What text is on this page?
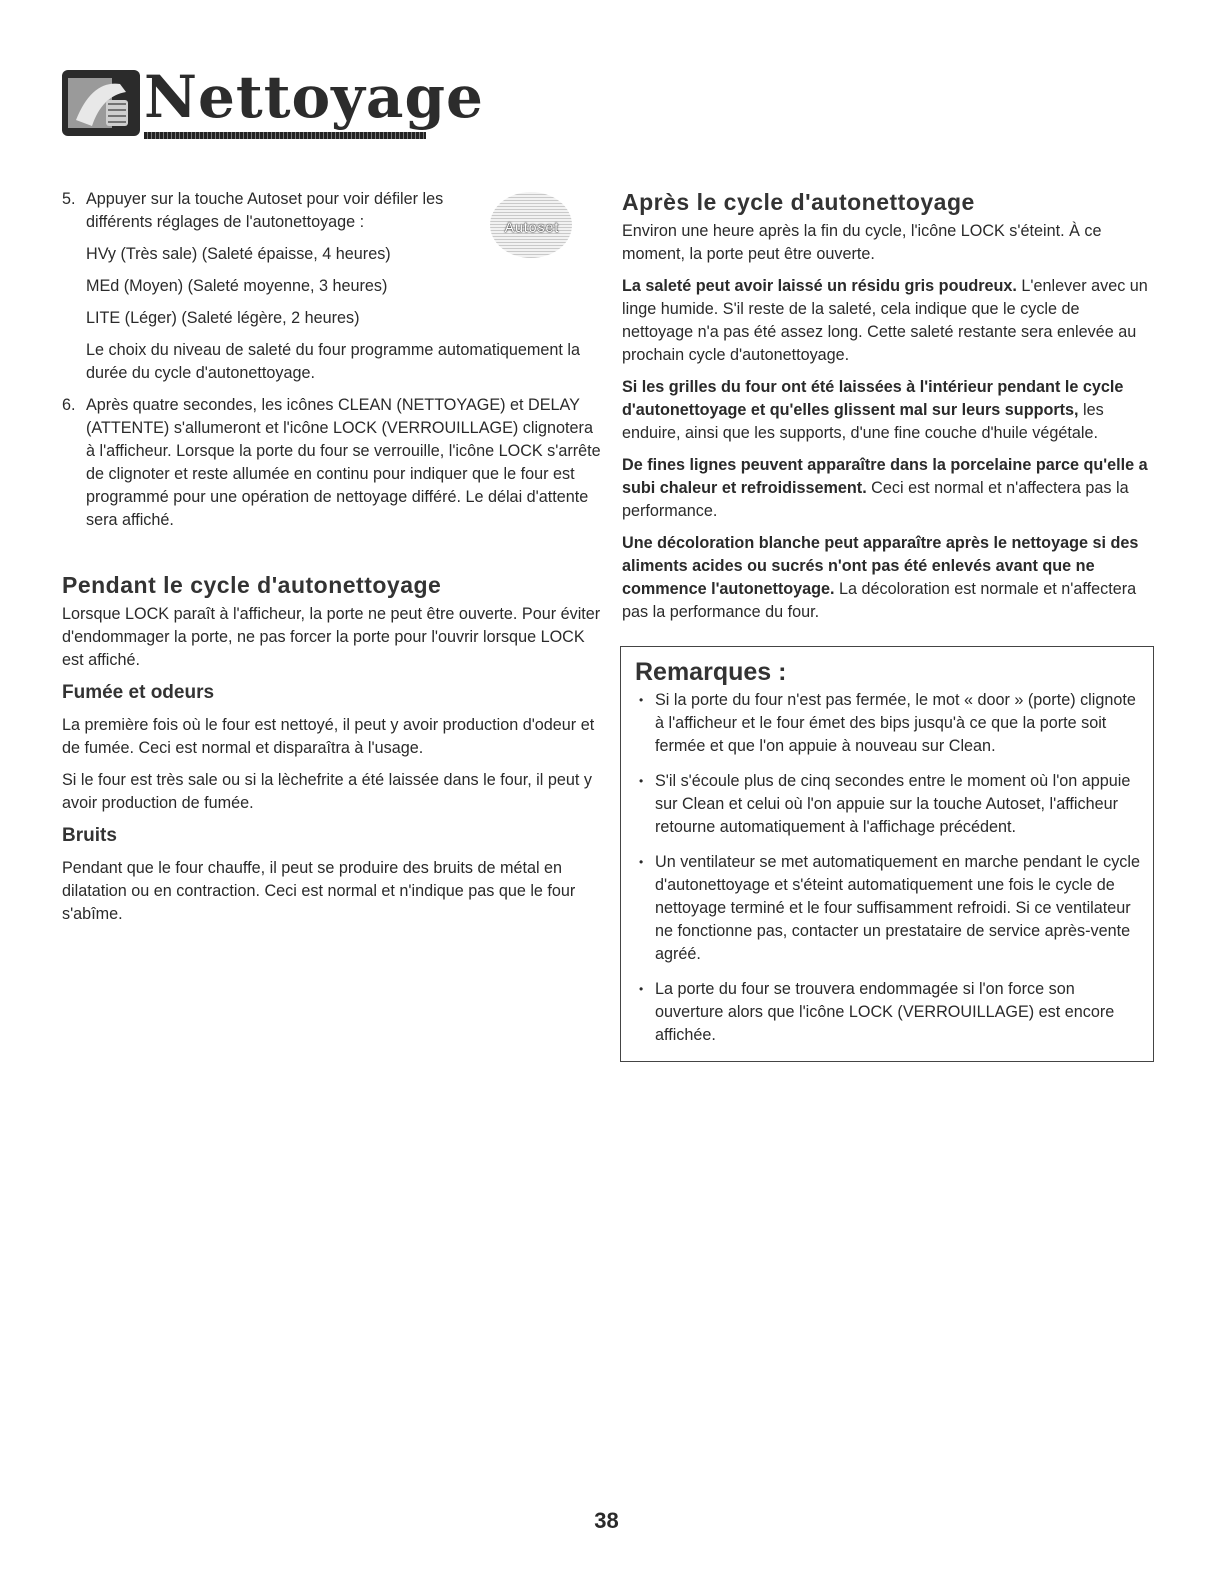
Nettoyage
5. Appuyer sur la touche Autoset pour voir défiler les différents réglages de l'autonettoyage :	Autoset

HVy (Très sale) (Saleté épaisse, 4 heures)

MEd (Moyen) (Saleté moyenne, 3 heures)

LITE (Léger) (Saleté légère, 2 heures)

Le choix du niveau de saleté du four programme automatiquement la durée du cycle d'autonettoyage.

6. Après quatre secondes, les icônes CLEAN (NETTOYAGE) et DELAY (ATTENTE) s'allumeront et l'icône LOCK (VERROUILLAGE) clignotera à l'afficheur. Lorsque la porte du four se verrouille, l'icône LOCK s'arrête de clignoter et reste allumée en continu pour indiquer que le four est programmé pour une opération de nettoyage différé. Le délai d'attente sera affiché.
Pendant le cycle d'autonettoyage

Lorsque LOCK paraît à l'afficheur, la porte ne peut être ouverte. Pour éviter d'endommager la porte, ne pas forcer la porte pour l'ouvrir lorsque LOCK est affiché.

Fumée et odeurs

La première fois où le four est nettoyé, il peut y avoir production d'odeur et de fumée. Ceci est normal et disparaîtra à l'usage.

Si le four est très sale ou si la lèchefrite a été laissée dans le four, il peut y avoir production de fumée.

Bruits

Pendant que le four chauffe, il peut se produire des bruits de métal en dilatation ou en contraction. Ceci est normal et n'indique pas que le four s'abîme.

Après le cycle d'autonettoyage

Environ une heure après la fin du cycle, l'icône LOCK s'éteint. À ce moment, la porte peut être ouverte.

La saleté peut avoir laissé un résidu gris poudreux. L'enlever avec un linge humide. S'il reste de la saleté, cela indique que le cycle de nettoyage n'a pas été assez long. Cette saleté restante sera enlevée au prochain cycle d'autonettoyage.

Si les grilles du four ont été laissées à l'intérieur pendant le cycle d'autonettoyage et qu'elles glissent mal sur leurs supports, les enduire, ainsi que les supports, d'une fine couche d'huile végétale.

De fines lignes peuvent apparaître dans la porcelaine parce qu'elle a subi chaleur et refroidissement. Ceci est normal et n'affectera pas la performance.

Une décoloration blanche peut apparaître après le nettoyage si des aliments acides ou sucrés n'ont pas été enlevés avant que ne commence l'autonettoyage. La décoloration est normale et n'affectera pas la performance du four.

Remarques :
• Si la porte du four n'est pas fermée, le mot « door » (porte) clignote à l'afficheur et le four émet des bips jusqu'à ce que la porte soit fermée et que l'on appuie à nouveau sur Clean.
• S'il s'écoule plus de cinq secondes entre le moment où l'on appuie sur Clean et celui où l'on appuie sur la touche Autoset, l'afficheur retourne automatiquement à l'affichage précédent.
• Un ventilateur se met automatiquement en marche pendant le cycle d'autonettoyage et s'éteint automatiquement une fois le cycle de nettoyage terminé et le four suffisamment refroidi. Si ce ventilateur ne fonctionne pas, contacter un prestataire de service après-vente agréé.
• La porte du four se trouvera endommagée si l'on force son ouverture alors que l'icône LOCK (VERROUILLAGE) est encore affichée.
38
